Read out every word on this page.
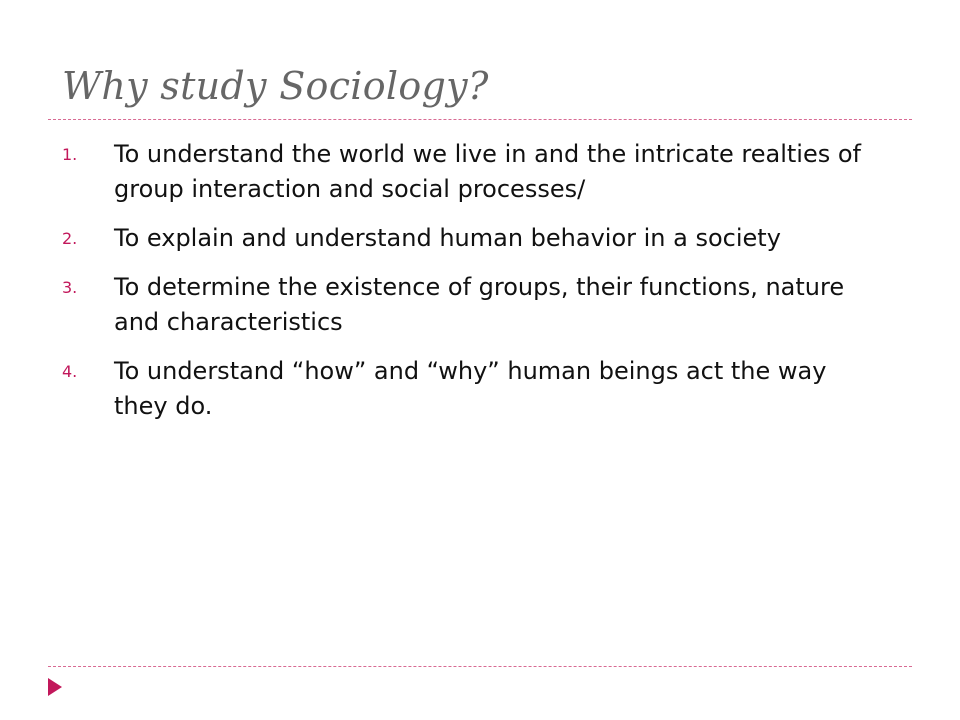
Why study Sociology?
1.	To understand the world we live in and the intricate realties of group interaction and social processes/
2.	To explain and understand human behavior in a society
3.	To determine the existence of groups, their functions, nature and characteristics
4.	To understand “how” and “why” human beings act the way they do.
